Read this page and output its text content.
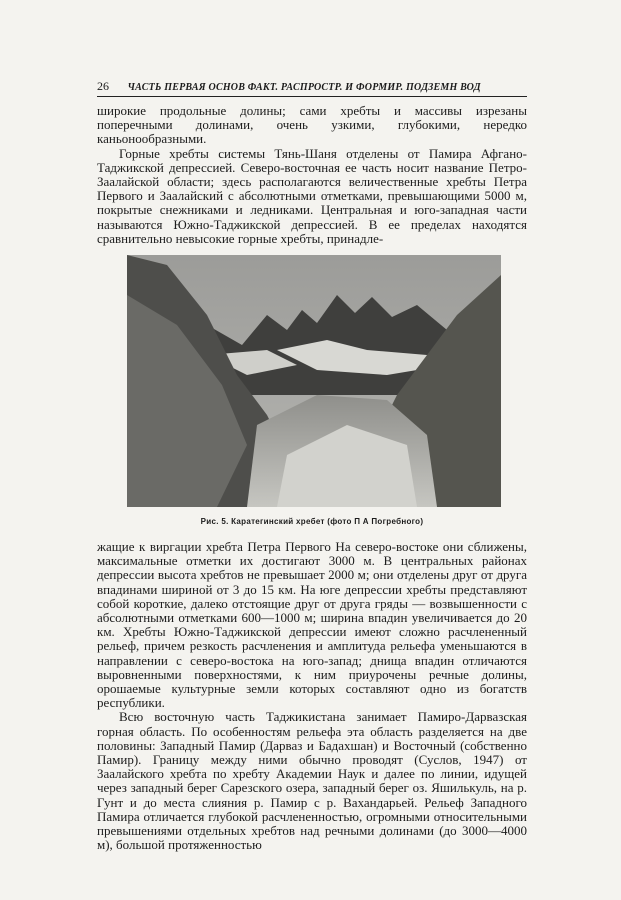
26 ЧАСТЬ ПЕРВАЯ ОСНОВ ФАКТ. РАСПРОСТР. И ФОРМИР. ПОДЗЕМН ВОД

широкие продольные долины; сами хребты и массивы изрезаны поперечными долинами, очень узкими, глубокими, нередко каньонообразными.

Горные хребты системы Тянь-Шаня отделены от Памира Афгано-Таджикской депрессией. Северо-восточная ее часть носит название Петро-Заалайской области; здесь располагаются величественные хребты Петра Первого и Заалайский с абсолютными отметками, превышающими 5000 м, покрытые снежниками и ледниками. Центральная и юго-западная части называются Южно-Таджикской депрессией. В ее пределах находятся сравнительно невысокие горные хребты, принадле-

Рис. 5. Каратегинский хребет (фото П А Погребного)

жащие к виргации хребта Петра Первого На северо-востоке они сближены, максимальные отметки их достигают 3000 м. В центральных районах депрессии высота хребтов не превышает 2000 м; они отделены друг от друга впадинами шириной от 3 до 15 км. На юге депрессии хребты представляют собой короткие, далеко отстоящие друг от друга гряды — возвышенности с абсолютными отметками 600—1000 м; ширина впадин увеличивается до 20 км. Хребты Южно-Таджикской депрессии имеют сложно расчлененный рельеф, причем резкость расчленения и амплитуда рельефа уменьшаются в направлении с северо-востока на юго-запад; днища впадин отличаются выровненными поверхностями, к ним приурочены речные долины, орошаемые культурные земли которых составляют одно из богатств республики.

Всю восточную часть Таджикистана занимает Памиро-Дарвазская горная область. По особенностям рельефа эта область разделяется на две половины: Западный Памир (Дарваз и Бадахшан) и Восточный (собственно Памир). Границу между ними обычно проводят (Суслов, 1947) от Заалайского хребта по хребту Академии Наук и далее по линии, идущей через западный берег Сарезского озера, западный берег оз. Яшилькуль, на р. Гунт и до места слияния р. Памир с р. Вахандарьей. Рельеф Западного Памира отличается глубокой расчлененностью, огромными относительными превышениями отдельных хребтов над речными долинами (до 3000—4000 м), большой протяженностью
